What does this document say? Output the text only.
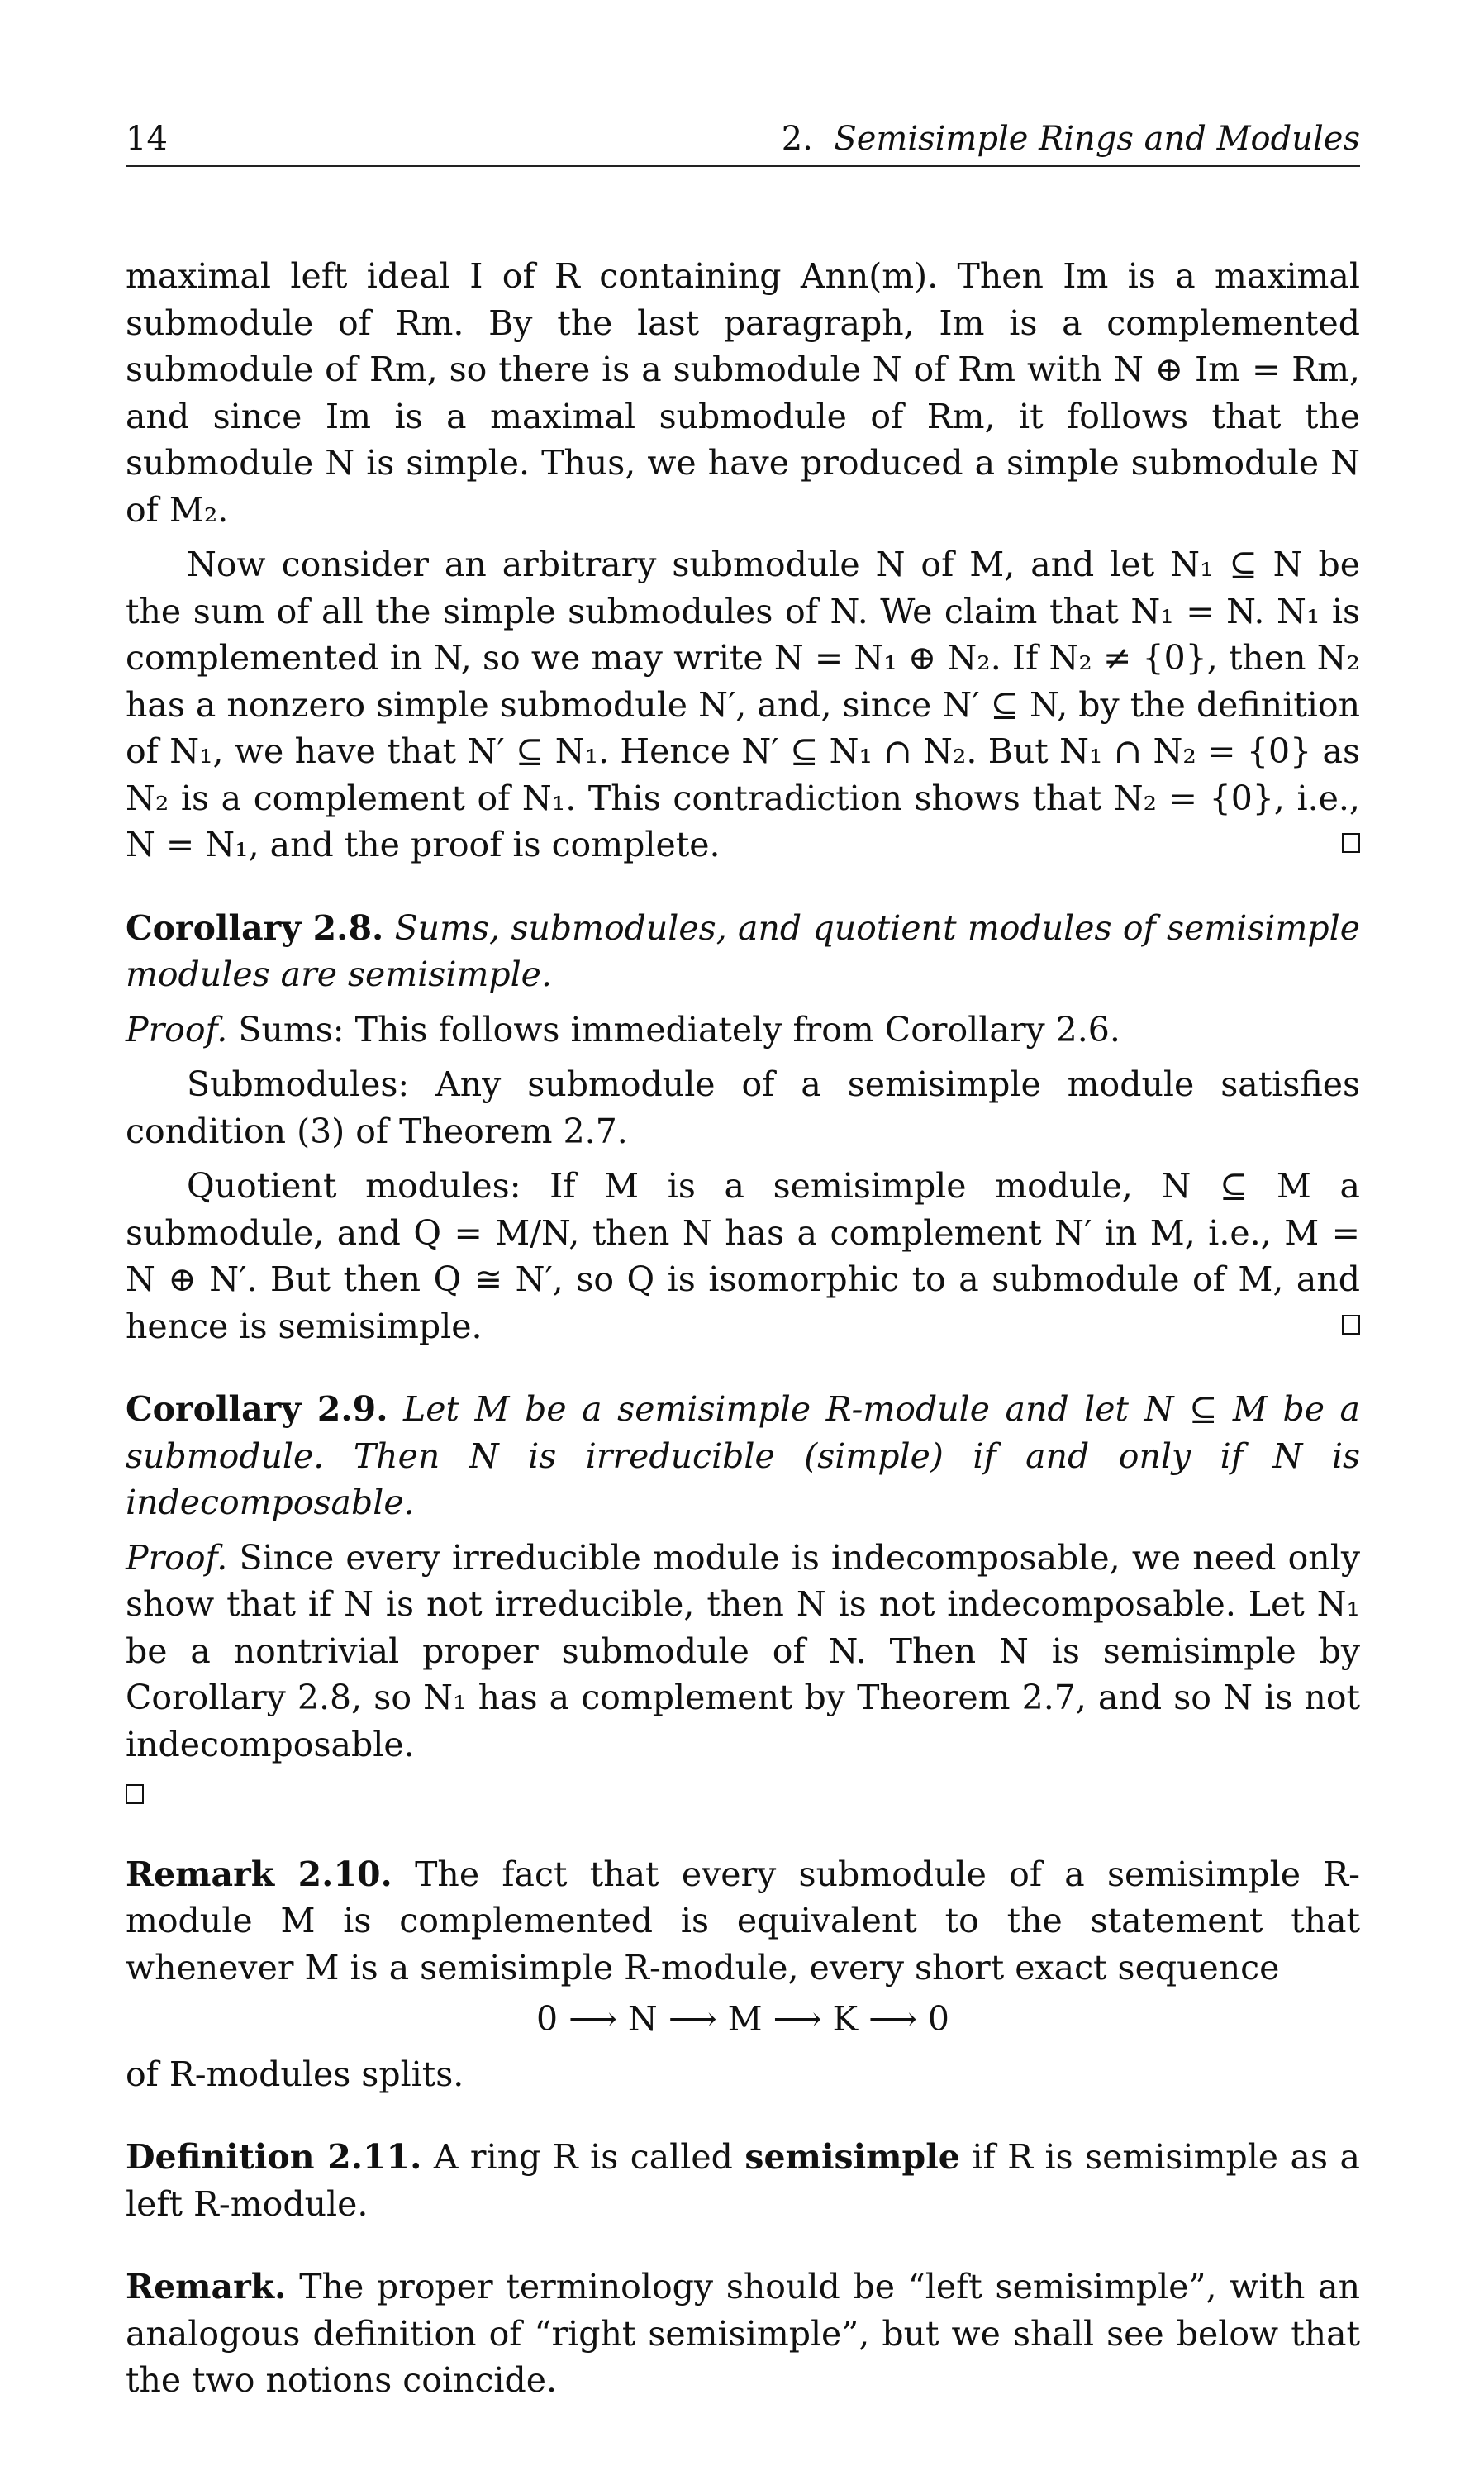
14	2. Semisimple Rings and Modules

maximal left ideal I of R containing Ann(m). Then Im is a maximal submodule of Rm. By the last paragraph, Im is a complemented submodule of Rm, so there is a submodule N of Rm with N ⊕ Im = Rm, and since Im is a maximal submodule of Rm, it follows that the submodule N is simple. Thus, we have produced a simple submodule N of M₂.

Now consider an arbitrary submodule N of M, and let N₁ ⊆ N be the sum of all the simple submodules of N. We claim that N₁ = N. N₁ is complemented in N, so we may write N = N₁ ⊕ N₂. If N₂ ≠ {0}, then N₂ has a nonzero simple submodule N′, and, since N′ ⊆ N, by the definition of N₁, we have that N′ ⊆ N₁. Hence N′ ⊆ N₁ ∩ N₂. But N₁ ∩ N₂ = {0} as N₂ is a complement of N₁. This contradiction shows that N₂ = {0}, i.e., N = N₁, and the proof is complete.

Corollary 2.8. Sums, submodules, and quotient modules of semisimple modules are semisimple.

Proof. Sums: This follows immediately from Corollary 2.6.

Submodules: Any submodule of a semisimple module satisfies condition (3) of Theorem 2.7.

Quotient modules: If M is a semisimple module, N ⊆ M a submodule, and Q = M/N, then N has a complement N′ in M, i.e., M = N ⊕ N′. But then Q ≅ N′, so Q is isomorphic to a submodule of M, and hence is semisimple.

Corollary 2.9. Let M be a semisimple R-module and let N ⊆ M be a submodule. Then N is irreducible (simple) if and only if N is indecomposable.

Proof. Since every irreducible module is indecomposable, we need only show that if N is not irreducible, then N is not indecomposable. Let N₁ be a nontrivial proper submodule of N. Then N is semisimple by Corollary 2.8, so N₁ has a complement by Theorem 2.7, and so N is not indecomposable.

Remark 2.10. The fact that every submodule of a semisimple R-module M is complemented is equivalent to the statement that whenever M is a semisimple R-module, every short exact sequence

0 ⟶ N ⟶ M ⟶ K ⟶ 0

of R-modules splits.

Definition 2.11. A ring R is called semisimple if R is semisimple as a left R-module.

Remark. The proper terminology should be “left semisimple”, with an analogous definition of “right semisimple”, but we shall see below that the two notions coincide.
